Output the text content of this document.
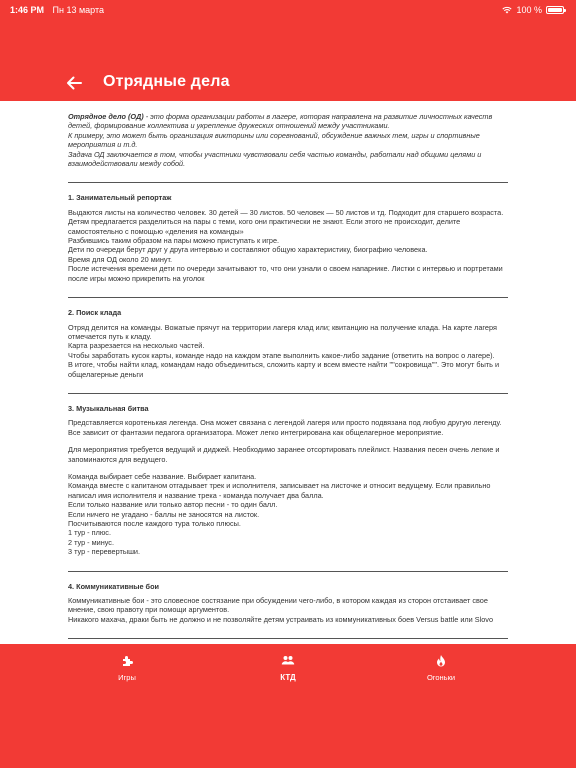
1:46 PM Пн 13 марта	100 %
Отрядные дела

Отрядное дело (ОД) - это форма организации работы в лагере, которая направлена на развитие личностных качеств детей, формирование коллектива и укрепление дружеских отношений между участниками.

К примеру, это может быть организация викторины или соревнований, обсуждение важных тем, игры и спортивные мероприятия и т.д.

Задача ОД заключается в том, чтобы участники чувствовали себя частью команды, работали над общими целями и взаимодействовали между собой.

1. Занимательный репортаж

Выдаются листы на количество человек. 30 детей — 30 листов. 50 человек — 50 листов и тд. Подходит для старшего возраста.

Детям предлагается разделиться на пары с теми, кого они практически не знают. Если этого не происходит, делите самостоятельно с помощью «деления на команды»

Разбившись таким образом на пары можно приступать к игре.

Дети по очереди берут друг у друга интервью и составляют общую характеристику, биографию человека.

Время для ОД около 20 минут.

После истечения времени дети по очереди зачитывают то, что они узнали о своем напарнике. Листки с интервью и портретами после игры можно прикрепить на уголок

2. Поиск клада

Отряд делится на команды. Вожатые прячут на территории лагеря клад или; квитанцию на получение клада. На карте лагеря отмечается путь к кладу.

Карта разрезается на несколько частей.

Чтобы заработать кусок карты, команде надо на каждом этапе выполнить какое-либо задание (ответить на вопрос о лагере).

В итоге, чтобы найти клад, командам надо объединиться, сложить карту и всем вместе найти ""сокровища"". Это могут быть и общелагерные деньги

3. Музыкальная битва

Представляется коротенькая легенда. Она может связана с легендой лагеря или просто подвязана под любую другую легенду. Все зависит от фантазии педагога организатора. Может легко интегрирована как общелагерное мероприятие.

Для мероприятия требуется ведущий и диджей. Необходимо заранее отсортировать плейлист. Названия песен очень легкие и запоминаются для ведущего.

Команда выбирает себе название. Выбирает капитана.

Команда вместе с капитаном отгадывает трек и исполнителя, записывает на листочке и относит ведущему. Если правильно написал имя исполнителя и название трека - команда получает два балла.

Если только название или только автор песни - то один балл.

Если ничего не угадано - баллы не заносятся на листок.

Посчитываются после каждого тура только плюсы.

1 тур - плюс.

2 тур - минус.

3 тур - перевертыши.

4. Коммуникативные бои

Коммуникативные бои - это словесное состязание при обсуждении чего-либо, в котором каждая из сторон отстаивает свое мнение, свою правоту при помощи аргументов.

Никакого махача, драки быть не должно и не позволяйте детям устраивать из коммуникативных боев Versus battle или Slovo

Игры	КТД	Огоньки
